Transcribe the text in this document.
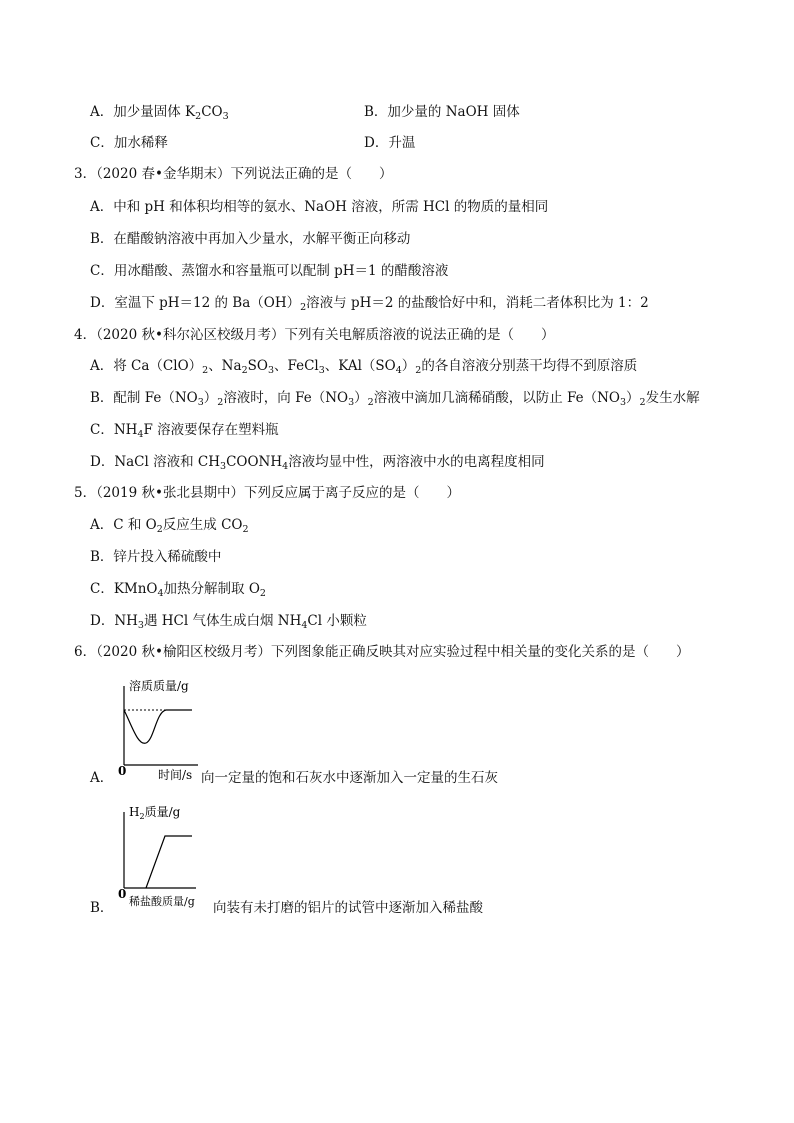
A．加少量固体 $K_2CO_3$	B．加少量的 NaOH 固体
C．加水稀释	D．升温
3．（2020 春•金华期末）下列说法正确的是（　　）
A．中和 pH 和体积均相等的氨水、NaOH 溶液，所需 HCl 的物质的量相同
B．在醋酸钠溶液中再加入少量水，水解平衡正向移动
C．用冰醋酸、蒸馏水和容量瓶可以配制 pH＝1 的醋酸溶液
D．室温下 pH＝12 的 $Ba(OH)_2$溶液与 pH＝2 的盐酸恰好中和，消耗二者体积比为 1：2
4．（2020 秋•科尔沁区校级月考）下列有关电解质溶液的说法正确的是（　　）
A．将 $Ca(ClO)_2$、$Na_2SO_3$、FeCl$_3$、$KAl(SO_4)_2$的各自溶液分别蒸干均得不到原溶质
B．配制 $Fe(NO_3)_2$溶液时，向 $Fe(NO_3)_2$溶液中滴加几滴稀硝酸，以防止 $Fe(NO_3)_2$发生水解
C．$NH_4F$ 溶液要保存在塑料瓶
D．NaCl 溶液和 $CH_3COONH_4$溶液均显中性，两溶液中水的电离程度相同
5．（2019 秋•张北县期中）下列反应属于离子反应的是（　　）
A．C 和 $O_2$反应生成 $CO_2$
B．锌片投入稀硫酸中
C．KMnO$_4$加热分解制取 $O_2$
D．$NH_3$遇 HCl 气体生成白烟 $NH_4Cl$ 小颗粒
6．（2020 秋•榆阳区校级月考）下列图象能正确反映其对应实验过程中相关量的变化关系的是（　　）
溶质质量/g
0	时间/s
A．	向一定量的饱和石灰水中逐渐加入一定量的生石灰
$H_2$质量/g
0
稀盐酸质量/g
B．	向装有未打磨的铝片的试管中逐渐加入稀盐酸
